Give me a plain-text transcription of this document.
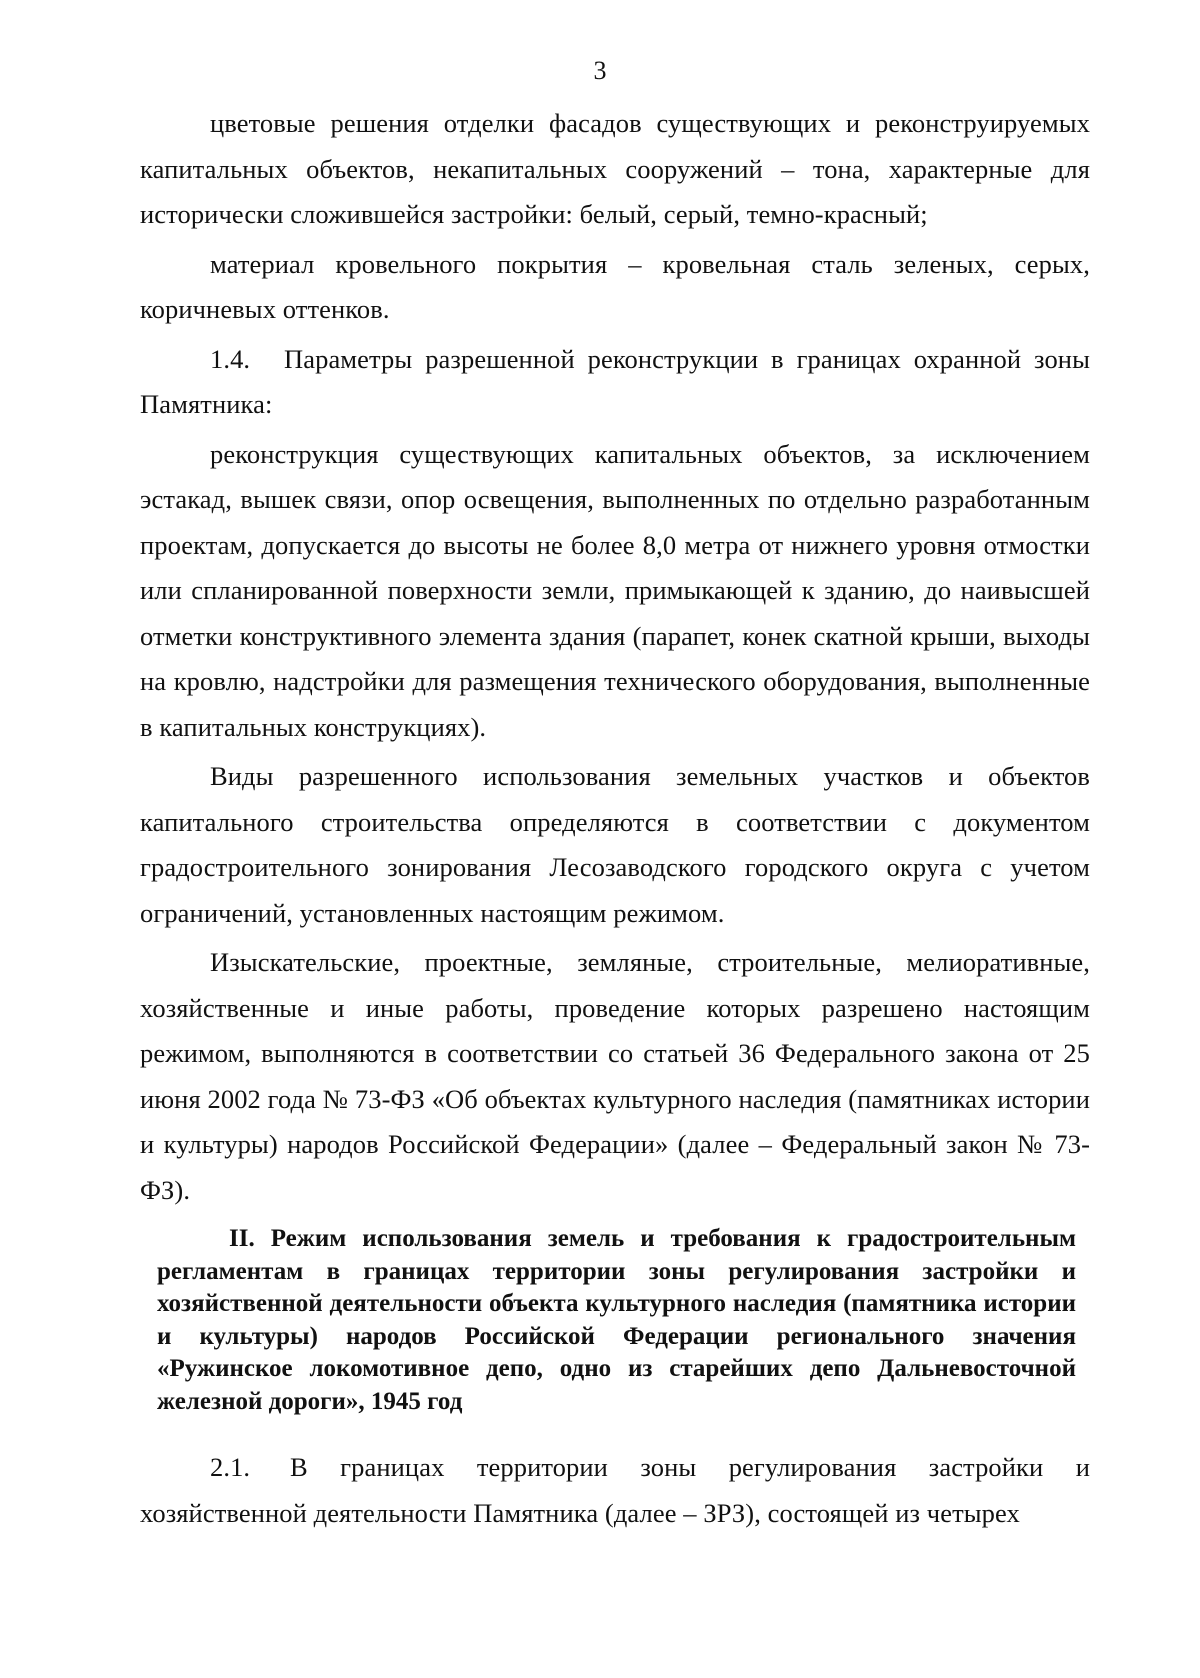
3

цветовые решения отделки фасадов существующих и реконструируемых капитальных объектов, некапитальных сооружений – тона, характерные для исторически сложившейся застройки: белый, серый, темно-красный;

материал кровельного покрытия – кровельная сталь зеленых, серых, коричневых оттенков.

1.4. Параметры разрешенной реконструкции в границах охранной зоны Памятника:

реконструкция существующих капитальных объектов, за исключением эстакад, вышек связи, опор освещения, выполненных по отдельно разработанным проектам, допускается до высоты не более 8,0 метра от нижнего уровня отмостки или спланированной поверхности земли, примыкающей к зданию, до наивысшей отметки конструктивного элемента здания (парапет, конек скатной крыши, выходы на кровлю, надстройки для размещения технического оборудования, выполненные в капитальных конструкциях).

Виды разрешенного использования земельных участков и объектов капитального строительства определяются в соответствии с документом градостроительного зонирования Лесозаводского городского округа с учетом ограничений, установленных настоящим режимом.

Изыскательские, проектные, земляные, строительные, мелиоративные, хозяйственные и иные работы, проведение которых разрешено настоящим режимом, выполняются в соответствии со статьей 36 Федерального закона от 25 июня 2002 года № 73-ФЗ «Об объектах культурного наследия (памятниках истории и культуры) народов Российской Федерации» (далее – Федеральный закон № 73-ФЗ).

II. Режим использования земель и требования к градостроительным регламентам в границах территории зоны регулирования застройки и хозяйственной деятельности объекта культурного наследия (памятника истории и культуры) народов Российской Федерации регионального значения «Ружинское локомотивное депо, одно из старейших депо Дальневосточной железной дороги», 1945 год

2.1. В границах территории зоны регулирования застройки и хозяйственной деятельности Памятника (далее – ЗРЗ), состоящей из четырех
